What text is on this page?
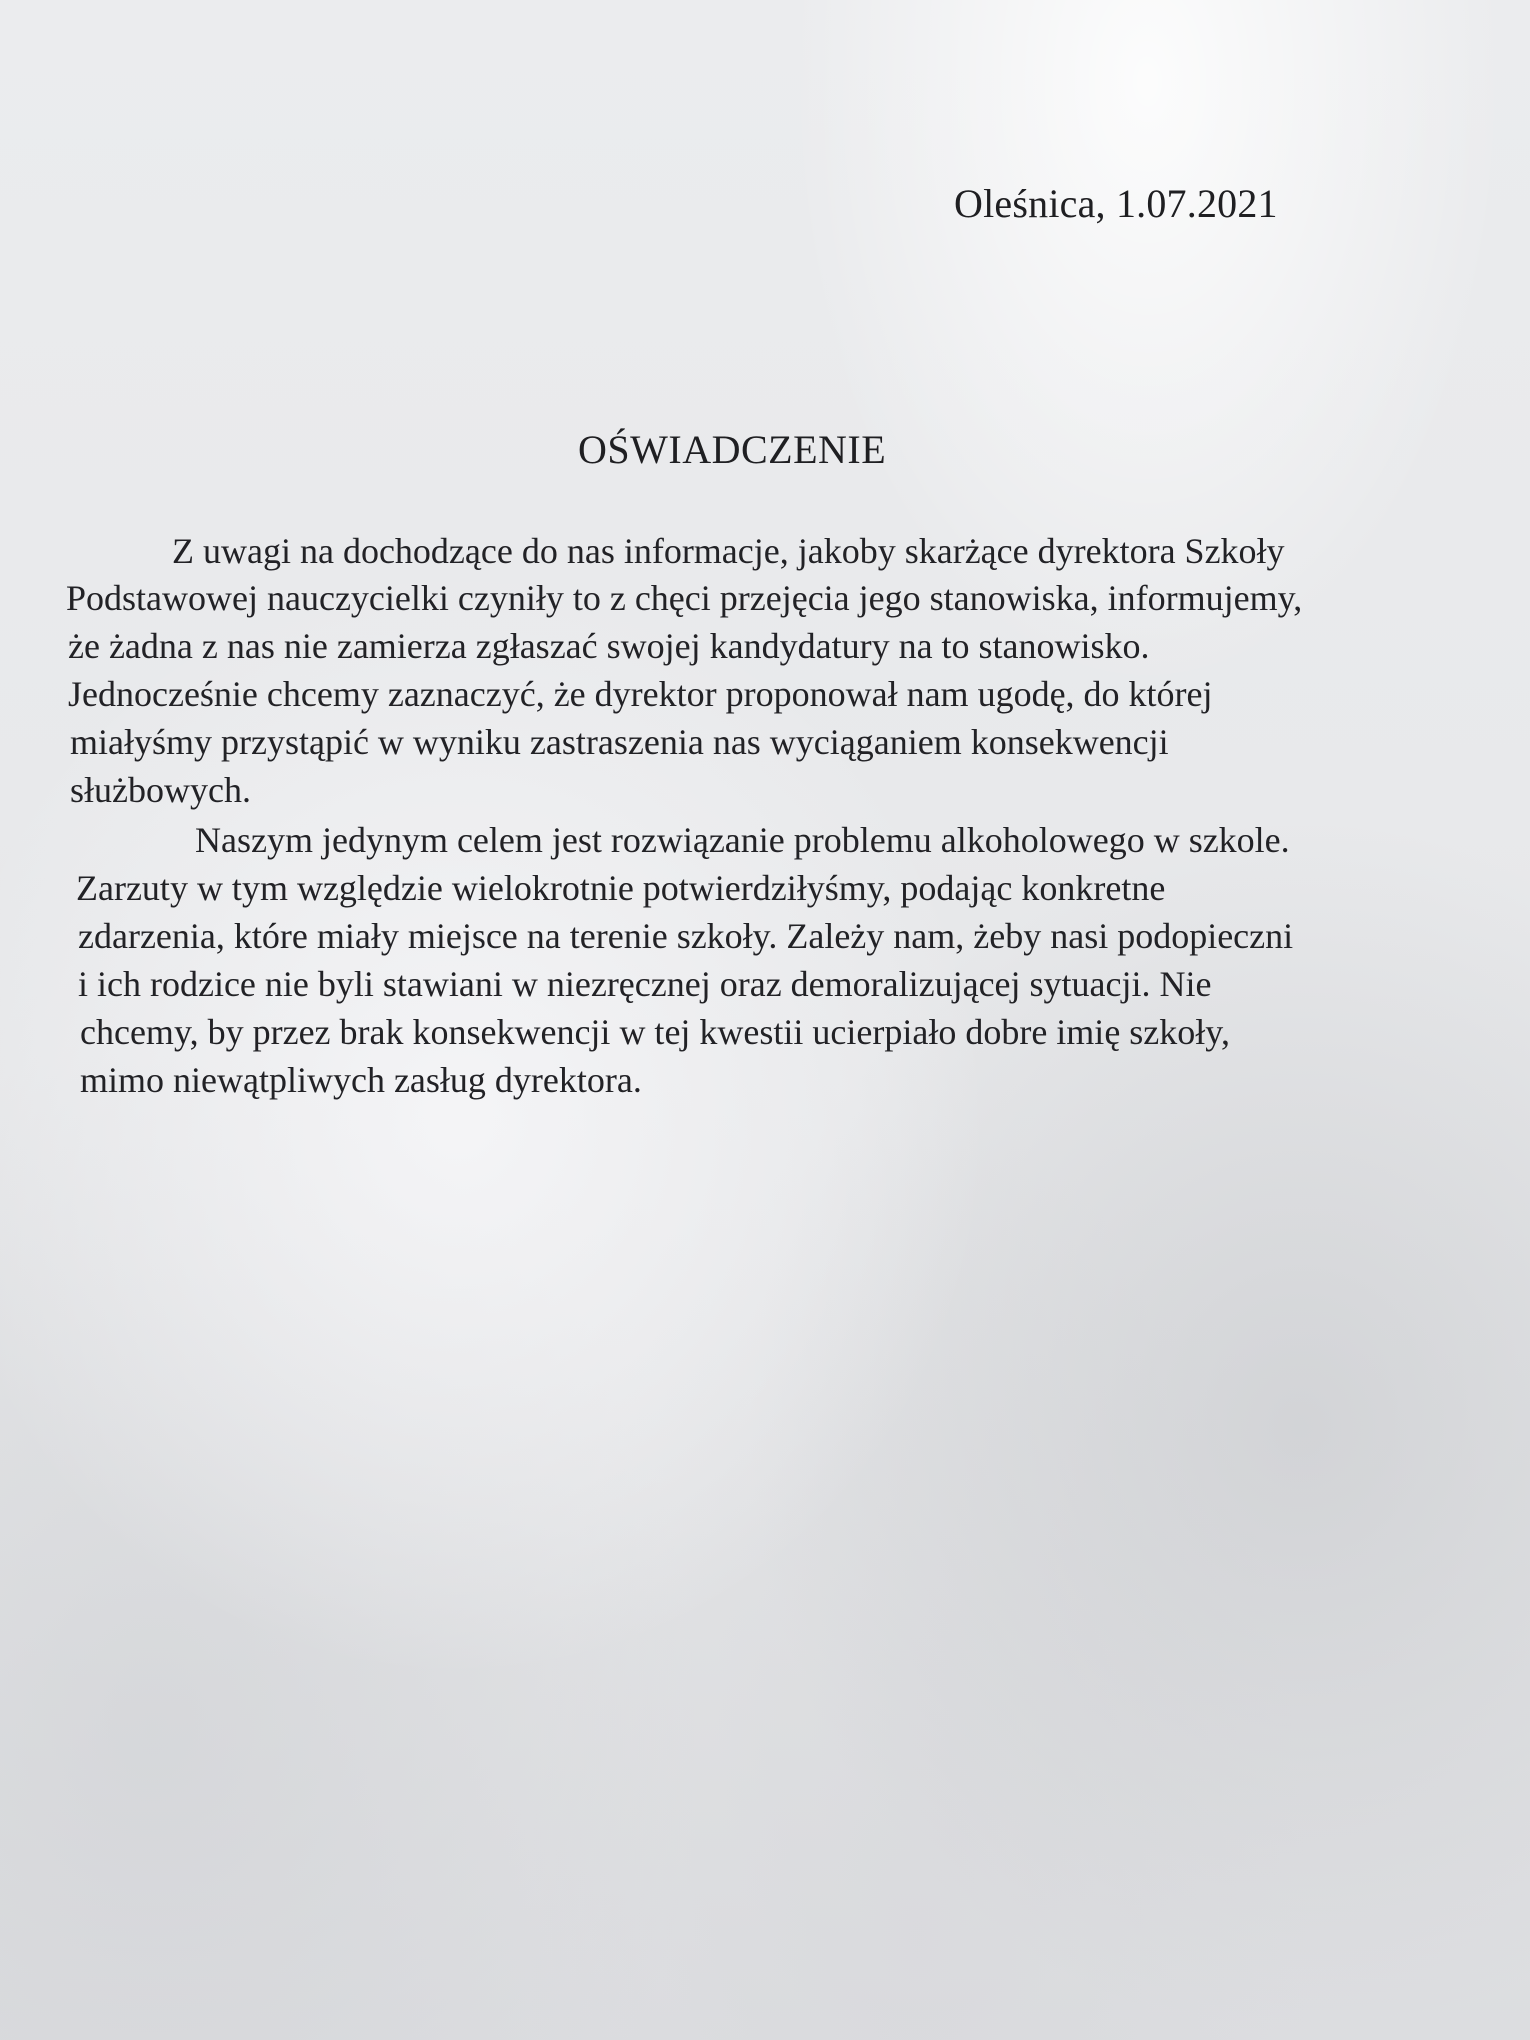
Oleśnica, 1.07.2021
OŚWIADCZENIE
Z uwagi na dochodzące do nas informacje, jakoby skarżące dyrektora Szkoły
Podstawowej nauczycielki czyniły to z chęci przejęcia jego stanowiska, informujemy,
że żadna z nas nie zamierza zgłaszać swojej kandydatury na to stanowisko.
Jednocześnie chcemy zaznaczyć, że dyrektor proponował nam ugodę, do której
miałyśmy przystąpić w wyniku zastraszenia nas wyciąganiem konsekwencji
służbowych.
Naszym jedynym celem jest rozwiązanie problemu alkoholowego w szkole.
Zarzuty w tym względzie wielokrotnie potwierdziłyśmy, podając konkretne
zdarzenia, które miały miejsce na terenie szkoły. Zależy nam, żeby nasi podopieczni
i ich rodzice nie byli stawiani w niezręcznej oraz demoralizującej sytuacji. Nie
chcemy, by przez brak konsekwencji w tej kwestii ucierpiało dobre imię szkoły,
mimo niewątpliwych zasług dyrektora.
